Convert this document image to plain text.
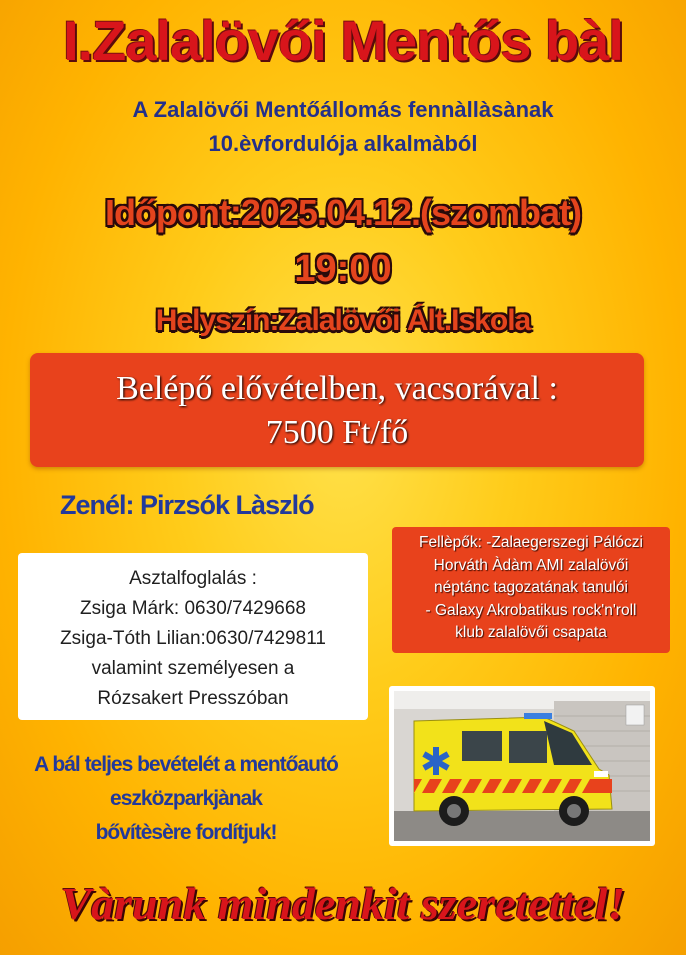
I.Zalalövői Mentős bàl
A Zalalövői Mentőállomás fennàllàsànak
10.èvfordulója alkalmàból
Időpont:2025.04.12.(szombat)
19:00
Helyszín:Zalalövői Ált.Iskola
Belépő elővételben, vacsorával :
7500 Ft/fő
Zenél: Pirzsók Làszló
Fellèpők: -Zalaegerszegi Pálóczi
Horváth Àdàm AMI zalalövői
néptánc tagozatának tanulói
- Galaxy Akrobatikus rock'n'roll
klub zalalövői csapata
Asztalfoglalás :
Zsiga Márk: 0630/7429668
Zsiga-Tóth Lilian:0630/7429811
valamint személyesen a
Rózsakert Presszóban
A bál teljes bevételét a mentőautó
eszközparkjànak
bővítèsère fordítjuk!
Vàrunk mindenkit szeretettel!
